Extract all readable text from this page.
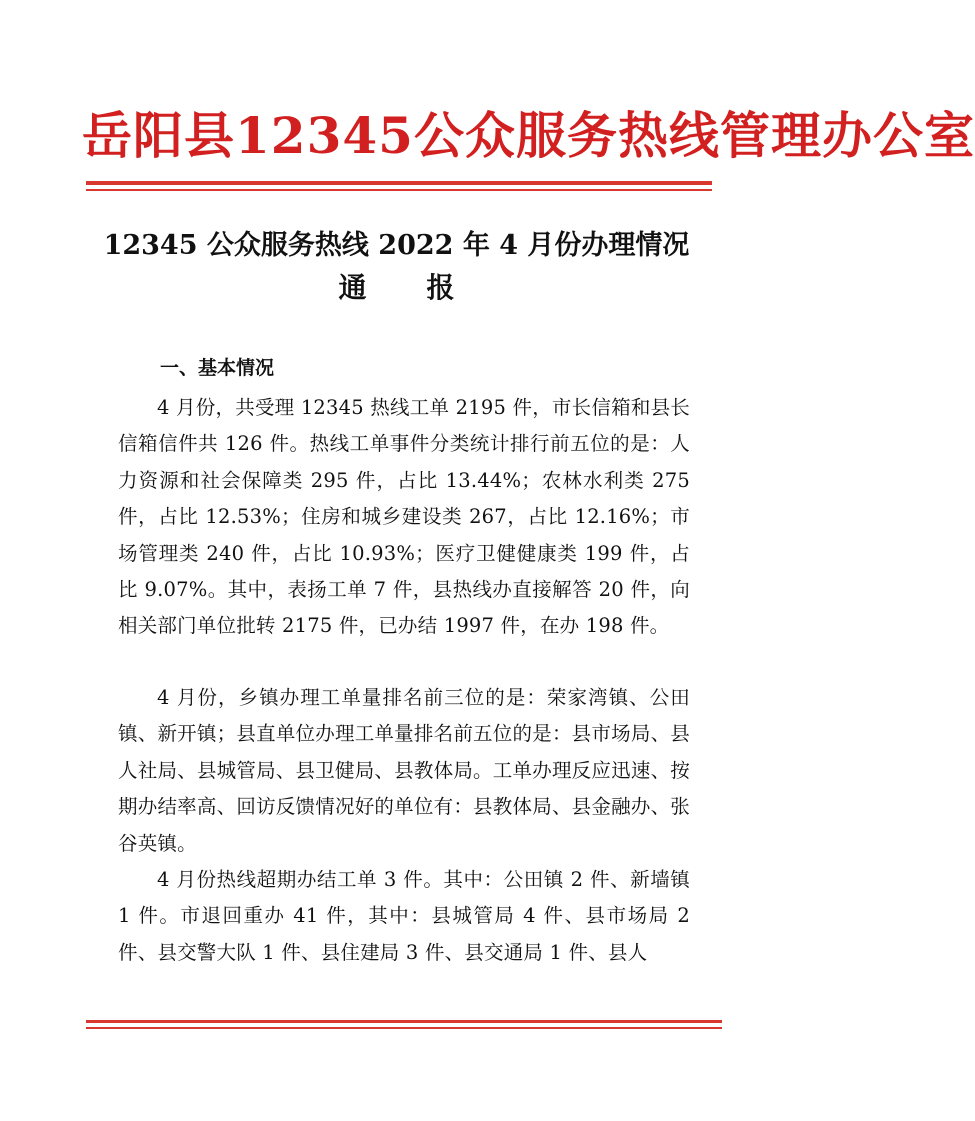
岳阳县12345公众服务热线管理办公室
12345 公众服务热线 2022 年 4 月份办理情况
通 报
一、基本情况

4 月份，共受理 12345 热线工单 2195 件，市长信箱和县长信箱信件共 126 件。热线工单事件分类统计排行前五位的是：人力资源和社会保障类 295 件，占比 13.44%；农林水利类 275 件，占比 12.53%；住房和城乡建设类 267，占比 12.16%；市场管理类 240 件，占比 10.93%；医疗卫健健康类 199 件，占比 9.07%。其中，表扬工单 7 件，县热线办直接解答 20 件，向相关部门单位批转 2175 件，已办结 1997 件，在办 198 件。

4 月份，乡镇办理工单量排名前三位的是：荣家湾镇、公田镇、新开镇；县直单位办理工单量排名前五位的是：县市场局、县人社局、县城管局、县卫健局、县教体局。工单办理反应迅速、按期办结率高、回访反馈情况好的单位有：县教体局、县金融办、张谷英镇。

4 月份热线超期办结工单 3 件。其中：公田镇 2 件、新墙镇 1 件。市退回重办 41 件，其中：县城管局 4 件、县市场局 2 件、县交警大队 1 件、县住建局 3 件、县交通局 1 件、县人
